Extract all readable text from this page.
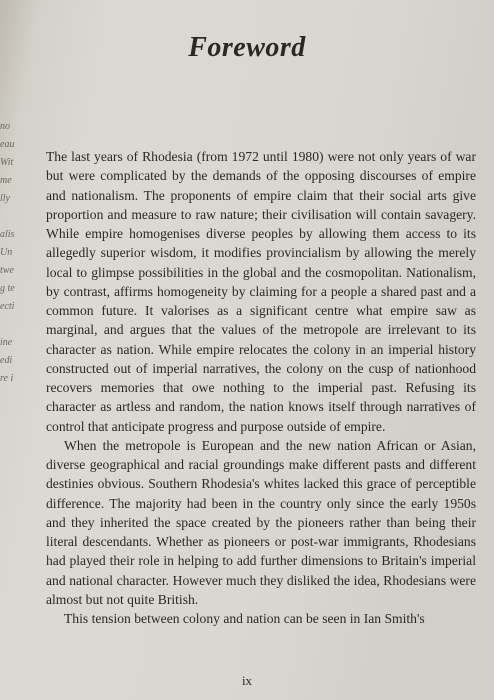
no
eau
Wit
me
lly

alis
Un
twe
g te
ecti

ine
edi
re i
Foreword

The last years of Rhodesia (from 1972 until 1980) were not only years of war but were complicated by the demands of the opposing discourses of empire and nationalism. The proponents of empire claim that their social arts give proportion and measure to raw nature; their civilisation will contain savagery. While empire homogenises diverse peoples by allowing them access to its allegedly superior wisdom, it modifies provincialism by allowing the merely local to glimpse possibilities in the global and the cosmopolitan. Nationalism, by contrast, affirms homogeneity by claiming for a people a shared past and a common future. It valorises as a significant centre what empire saw as marginal, and argues that the values of the metropole are irrelevant to its character as nation. While empire relocates the colony in an imperial history constructed out of imperial narratives, the colony on the cusp of nationhood recovers memories that owe nothing to the imperial past. Refusing its character as artless and random, the nation knows itself through narratives of control that anticipate progress and purpose outside of empire.

When the metropole is European and the new nation African or Asian, diverse geographical and racial groundings make different pasts and different destinies obvious. Southern Rhodesia's whites lacked this grace of perceptible difference. The majority had been in the country only since the early 1950s and they inherited the space created by the pioneers rather than being their literal descendants. Whether as pioneers or post-war immigrants, Rhodesians had played their role in helping to add further dimensions to Britain's imperial and national character. However much they disliked the idea, Rhodesians were almost but not quite British.

This tension between colony and nation can be seen in Ian Smith's

ix
